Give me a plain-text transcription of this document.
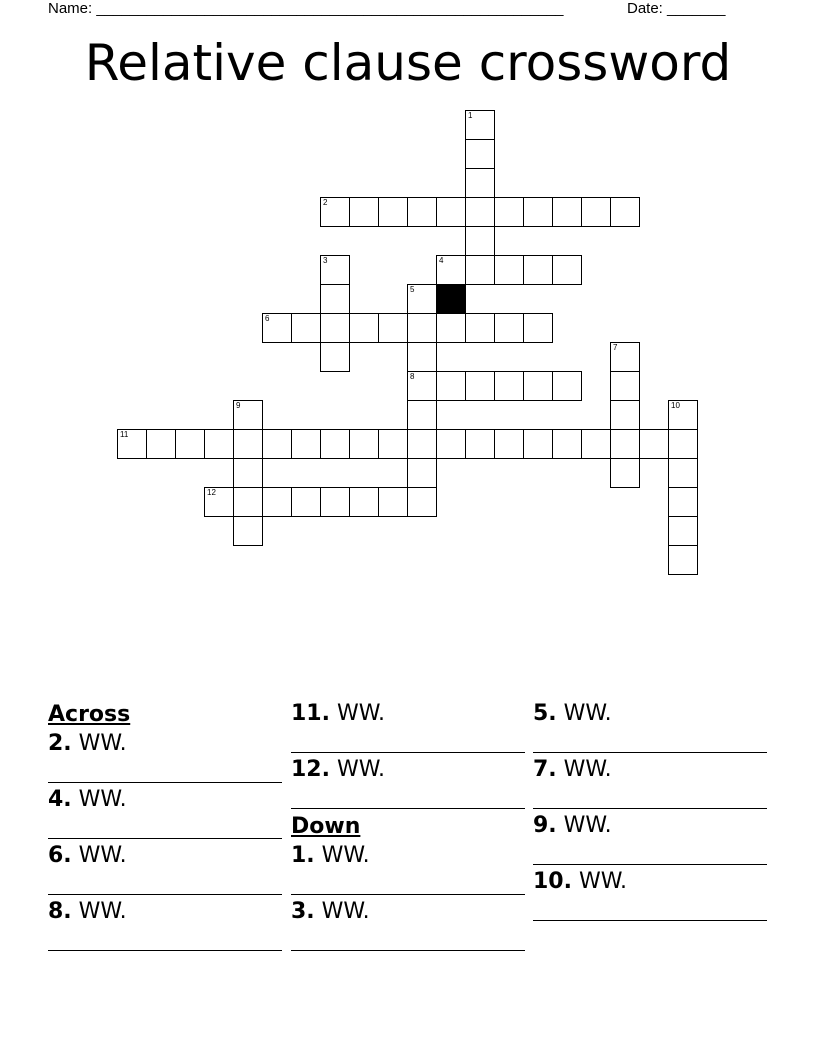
Name: ________________________________________________________	Date: _______
Relative clause crossword
1
2
3	4
5
8
6
7
9	10
11
12
Across
2. WW.
4. WW.
6. WW.
8. WW.
11. WW.
12. WW.
Down
1. WW.
3. WW.
5. WW.
7. WW.
9. WW.
10. WW.
